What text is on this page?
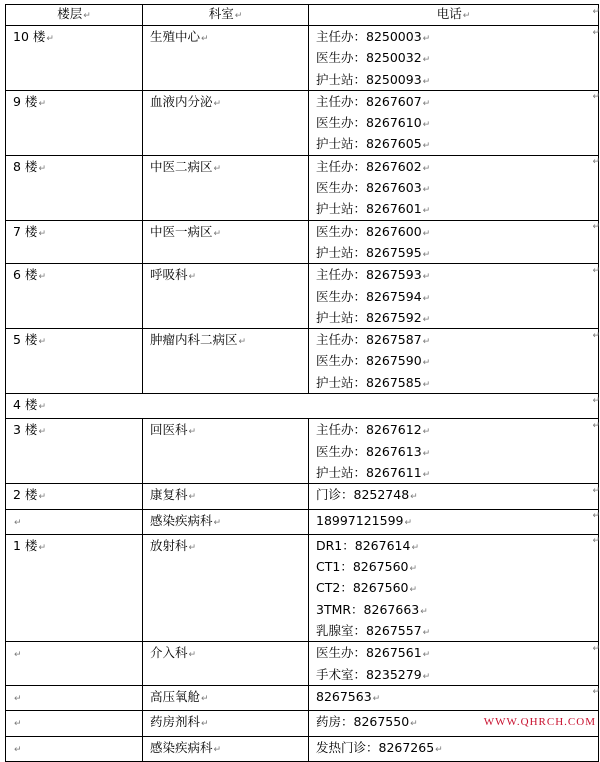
楼层↵	科室↵	电话↵
10 楼↵	生殖中心↵	主任办：8250003↵
医生办：8250032↵
护士站：8250093↵

9 楼↵	血液内分泌↵	主任办：8267607↵
医生办：8267610↵
护士站：8267605↵

8 楼↵	中医二病区↵	主任办：8267602↵
医生办：8267603↵
护士站：8267601↵

7 楼↵	中医一病区↵	医生办：8267600↵
护士站：8267595↵

6 楼↵	呼吸科↵	主任办：8267593↵
医生办：8267594↵
护士站：8267592↵

5 楼↵	肿瘤内科二病区↵	主任办：8267587↵
医生办：8267590↵
护士站：8267585↵

4 楼↵		
3 楼↵	回医科↵	主任办：8267612↵
医生办：8267613↵
护士站：8267611↵

2 楼↵	康复科↵	门诊：8252748↵

↵	感染疾病科↵	18997121599↵

1 楼↵	放射科↵	DR1：8267614↵
CT1：8267560↵
CT2：8267560↵
3TMR：8267663↵
乳腺室：8267557↵

↵	介入科↵	医生办：8267561↵
手术室：8235279↵

↵	高压氧舱↵	8267563↵

↵	药房剂科↵	药房：8267550↵

↵	感染疾病科↵	发热门诊：8267265↵
WWW.QHRCH.COM
↵
↵
↵
↵
↵
↵
↵
↵
↵
↵
↵
↵
↵
↵
